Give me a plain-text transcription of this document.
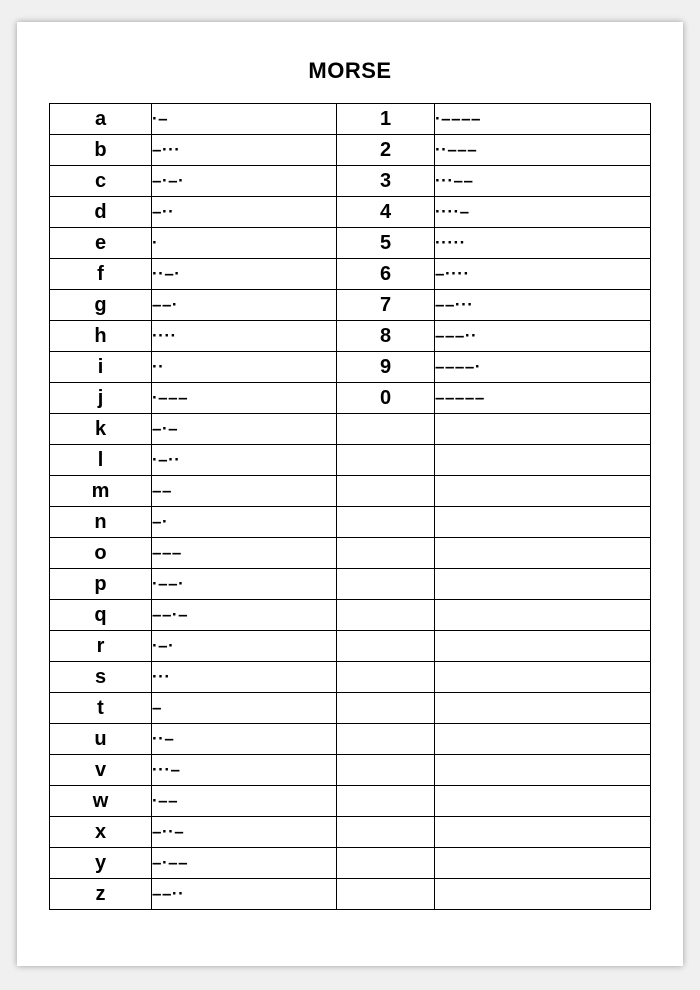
MORSE
a	·–	1	·––––
b	–···	2	··–––
c	–·–·	3	···––
d	–··	4	····–
e	·	5	·····
f	··–·	6	–····
g	––·	7	––···
h	····	8	–––··
i	··	9	––––·
j	·–––	0	–––––
k	–·–		
l	·–··		
m	––		
n	–·		
o	–––		
p	·––·		
q	––·–		
r	·–·		
s	···		
t	–		
u	··–		
v	···–		
w	·––		
x	–··–		
y	–·––		
z	––··		
